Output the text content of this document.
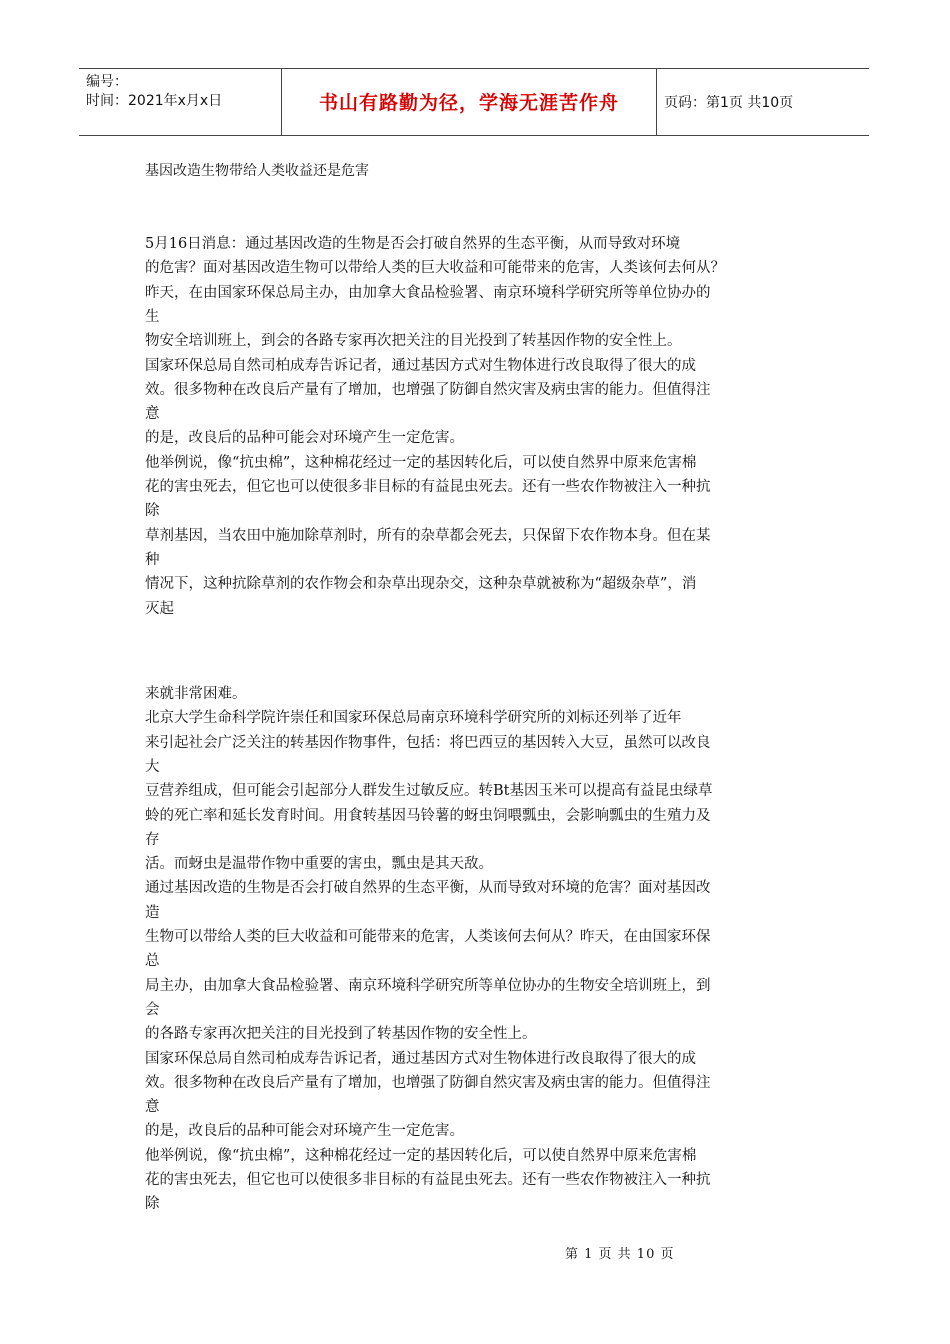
编号：
时间：2021年x月x日	书山有路勤为径，学海无涯苦作舟	页码：第1页 共10页
基因改造生物带给人类收益还是危害
5月16日消息：通过基因改造的生物是否会打破自然界的生态平衡，从而导致对环境
的危害？面对基因改造生物可以带给人类的巨大收益和可能带来的危害，人类该何去何从？
昨天，在由国家环保总局主办，由加拿大食品检验署、南京环境科学研究所等单位协办的
生
物安全培训班上，到会的各路专家再次把关注的目光投到了转基因作物的安全性上。
国家环保总局自然司柏成寿告诉记者，通过基因方式对生物体进行改良取得了很大的成
效。很多物种在改良后产量有了增加，也增强了防御自然灾害及病虫害的能力。但值得注
意
的是，改良后的品种可能会对环境产生一定危害。
他举例说，像“抗虫棉”，这种棉花经过一定的基因转化后，可以使自然界中原来危害棉
花的害虫死去，但它也可以使很多非目标的有益昆虫死去。还有一些农作物被注入一种抗
除
草剂基因，当农田中施加除草剂时，所有的杂草都会死去，只保留下农作物本身。但在某
种
情况下，这种抗除草剂的农作物会和杂草出现杂交，这种杂草就被称为“超级杂草”，消
灭起
来就非常困难。
北京大学生命科学院许崇任和国家环保总局南京环境科学研究所的刘标还列举了近年
来引起社会广泛关注的转基因作物事件，包括：将巴西豆的基因转入大豆，虽然可以改良
大
豆营养组成，但可能会引起部分人群发生过敏反应。转Bt基因玉米可以提高有益昆虫绿草
蛉的死亡率和延长发育时间。用食转基因马铃薯的蚜虫饲喂瓢虫，会影响瓢虫的生殖力及
存
活。而蚜虫是温带作物中重要的害虫，瓢虫是其天敌。
通过基因改造的生物是否会打破自然界的生态平衡，从而导致对环境的危害？面对基因改
造
生物可以带给人类的巨大收益和可能带来的危害，人类该何去何从？昨天，在由国家环保
总
局主办，由加拿大食品检验署、南京环境科学研究所等单位协办的生物安全培训班上，到
会
的各路专家再次把关注的目光投到了转基因作物的安全性上。
国家环保总局自然司柏成寿告诉记者，通过基因方式对生物体进行改良取得了很大的成
效。很多物种在改良后产量有了增加，也增强了防御自然灾害及病虫害的能力。但值得注
意
的是，改良后的品种可能会对环境产生一定危害。
他举例说，像“抗虫棉”，这种棉花经过一定的基因转化后，可以使自然界中原来危害棉
花的害虫死去，但它也可以使很多非目标的有益昆虫死去。还有一些农作物被注入一种抗
除
第 1 页 共 10 页
